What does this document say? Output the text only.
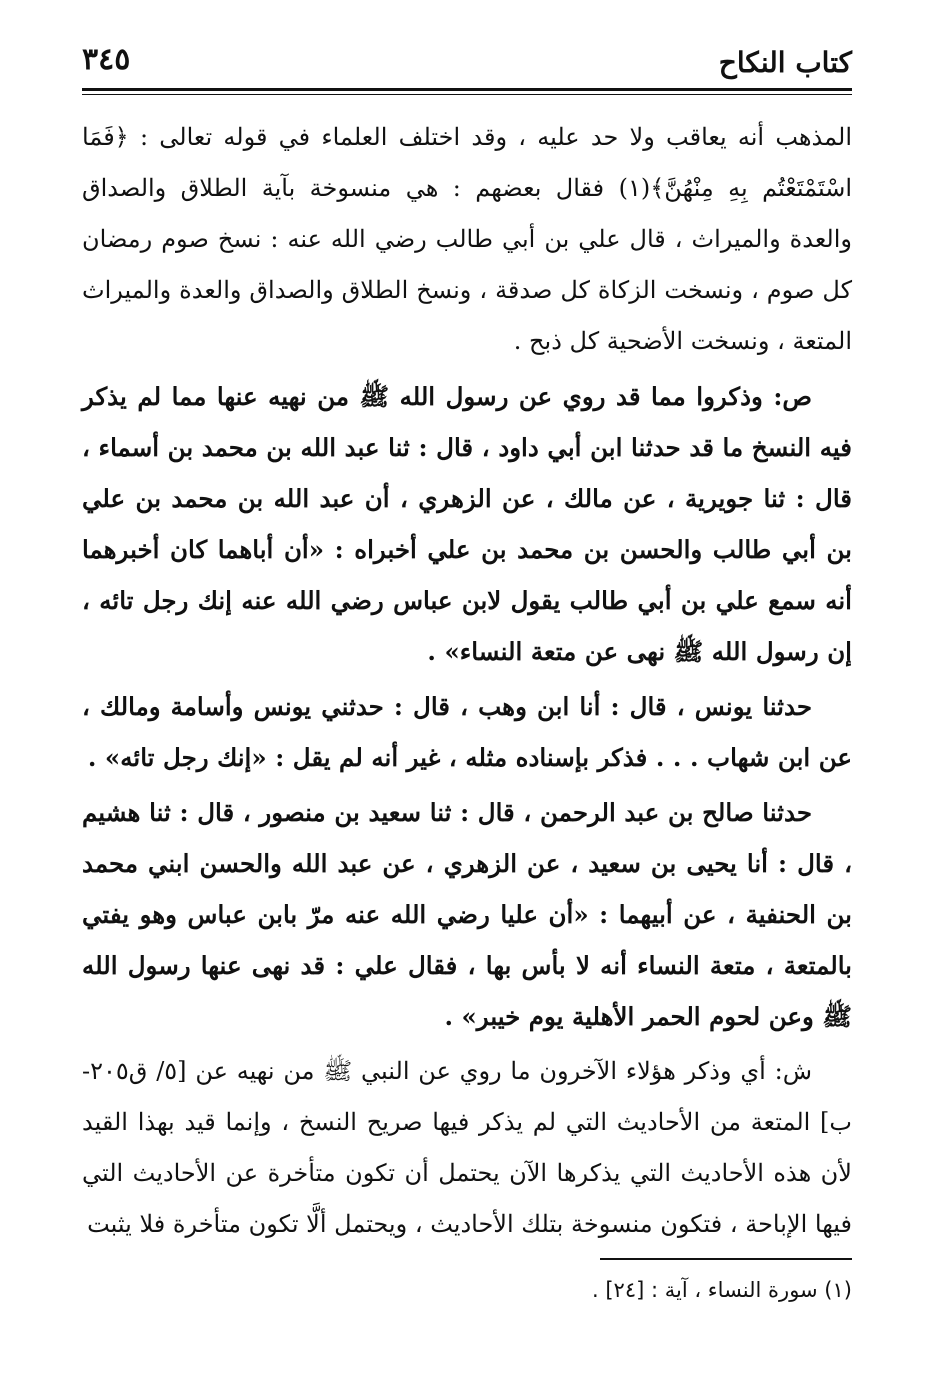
كتاب النكاح
٣٤٥

المذهب أنه يعاقب ولا حد عليه ، وقد اختلف العلماء في قوله تعالى : ﴿فَمَا اسْتَمْتَعْتُم بِهِ مِنْهُنَّ﴾(١) فقال بعضهم : هي منسوخة بآية الطلاق والصداق والعدة والميراث ، قال علي بن أبي طالب رضي الله عنه : نسخ صوم رمضان كل صوم ، ونسخت الزكاة كل صدقة ، ونسخ الطلاق والصداق والعدة والميراث المتعة ، ونسخت الأضحية كل ذبح .

ص: وذكروا مما قد روي عن رسول الله ﷺ من نهيه عنها مما لم يذكر فيه النسخ ما قد حدثنا ابن أبي داود ، قال : ثنا عبد الله بن محمد بن أسماء ، قال : ثنا جويرية ، عن مالك ، عن الزهري ، أن عبد الله بن محمد بن علي بن أبي طالب والحسن بن محمد بن علي أخبراه : «أن أباهما كان أخبرهما أنه سمع علي بن أبي طالب يقول لابن عباس رضي الله عنه إنك رجل تائه ، إن رسول الله ﷺ نهى عن متعة النساء» .

حدثنا يونس ، قال : أنا ابن وهب ، قال : حدثني يونس وأسامة ومالك ، عن ابن شهاب . . . فذكر بإسناده مثله ، غير أنه لم يقل : «إنك رجل تائه» .

حدثنا صالح بن عبد الرحمن ، قال : ثنا سعيد بن منصور ، قال : ثنا هشيم ، قال : أنا يحيى بن سعيد ، عن الزهري ، عن عبد الله والحسن ابني محمد بن الحنفية ، عن أبيهما : «أن عليا رضي الله عنه مرّ بابن عباس وهو يفتي بالمتعة ، متعة النساء أنه لا بأس بها ، فقال علي : قد نهى عنها رسول الله ﷺ وعن لحوم الحمر الأهلية يوم خيبر» .

ش: أي وذكر هؤلاء الآخرون ما روي عن النبي ﷺ من نهيه عن [٥/ ق٢٠٥-ب] المتعة من الأحاديث التي لم يذكر فيها صريح النسخ ، وإنما قيد بهذا القيد لأن هذه الأحاديث التي يذكرها الآن يحتمل أن تكون متأخرة عن الأحاديث التي فيها الإباحة ، فتكون منسوخة بتلك الأحاديث ، ويحتمل ألَّا تكون متأخرة فلا يثبت

(١) سورة النساء ، آية : [٢٤] .
